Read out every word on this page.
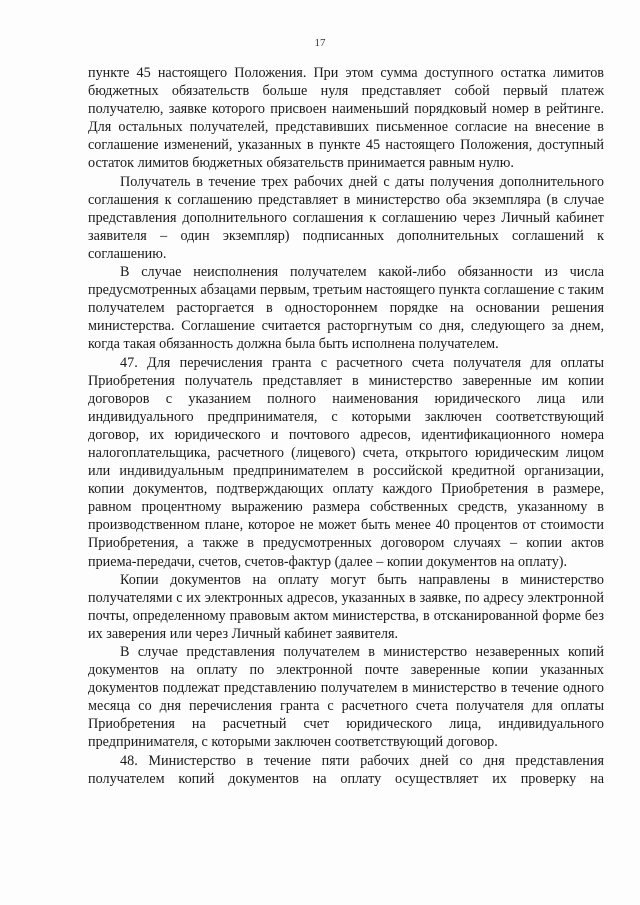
17

пункте 45 настоящего Положения. При этом сумма доступного остатка лимитов бюджетных обязательств больше нуля представляет собой первый платеж получателю, заявке которого присвоен наименьший порядковый номер в рейтинге. Для остальных получателей, представивших письменное согласие на внесение в соглашение изменений, указанных в пункте 45 настоящего Положения, доступный остаток лимитов бюджетных обязательств принимается равным нулю.

Получатель в течение трех рабочих дней с даты получения дополнительного соглашения к соглашению представляет в министерство оба экземпляра (в случае представления дополнительного соглашения к соглашению через Личный кабинет заявителя – один экземпляр) подписанных дополнительных соглашений к соглашению.

В случае неисполнения получателем какой-либо обязанности из числа предусмотренных абзацами первым, третьим настоящего пункта соглашение с таким получателем расторгается в одностороннем порядке на основании решения министерства. Соглашение считается расторгнутым со дня, следующего за днем, когда такая обязанность должна была быть исполнена получателем.

47. Для перечисления гранта с расчетного счета получателя для оплаты Приобретения получатель представляет в министерство заверенные им копии договоров с указанием полного наименования юридического лица или индивидуального предпринимателя, с которыми заключен соответствующий договор, их юридического и почтового адресов, идентификационного номера налогоплательщика, расчетного (лицевого) счета, открытого юридическим лицом или индивидуальным предпринимателем в российской кредитной организации, копии документов, подтверждающих оплату каждого Приобретения в размере, равном процентному выражению размера собственных средств, указанному в производственном плане, которое не может быть менее 40 процентов от стоимости Приобретения, а также в предусмотренных договором случаях – копии актов приема-передачи, счетов, счетов-фактур (далее – копии документов на оплату).

Копии документов на оплату могут быть направлены в министерство получателями с их электронных адресов, указанных в заявке, по адресу электронной почты, определенному правовым актом министерства, в отсканированной форме без их заверения или через Личный кабинет заявителя.

В случае представления получателем в министерство незаверенных копий документов на оплату по электронной почте заверенные копии указанных документов подлежат представлению получателем в министерство в течение одного месяца со дня перечисления гранта с расчетного счета получателя для оплаты Приобретения на расчетный счет юридического лица, индивидуального предпринимателя, с которыми заключен соответствующий договор.

48. Министерство в течение пяти рабочих дней со дня представления получателем копий документов на оплату осуществляет их проверку на
